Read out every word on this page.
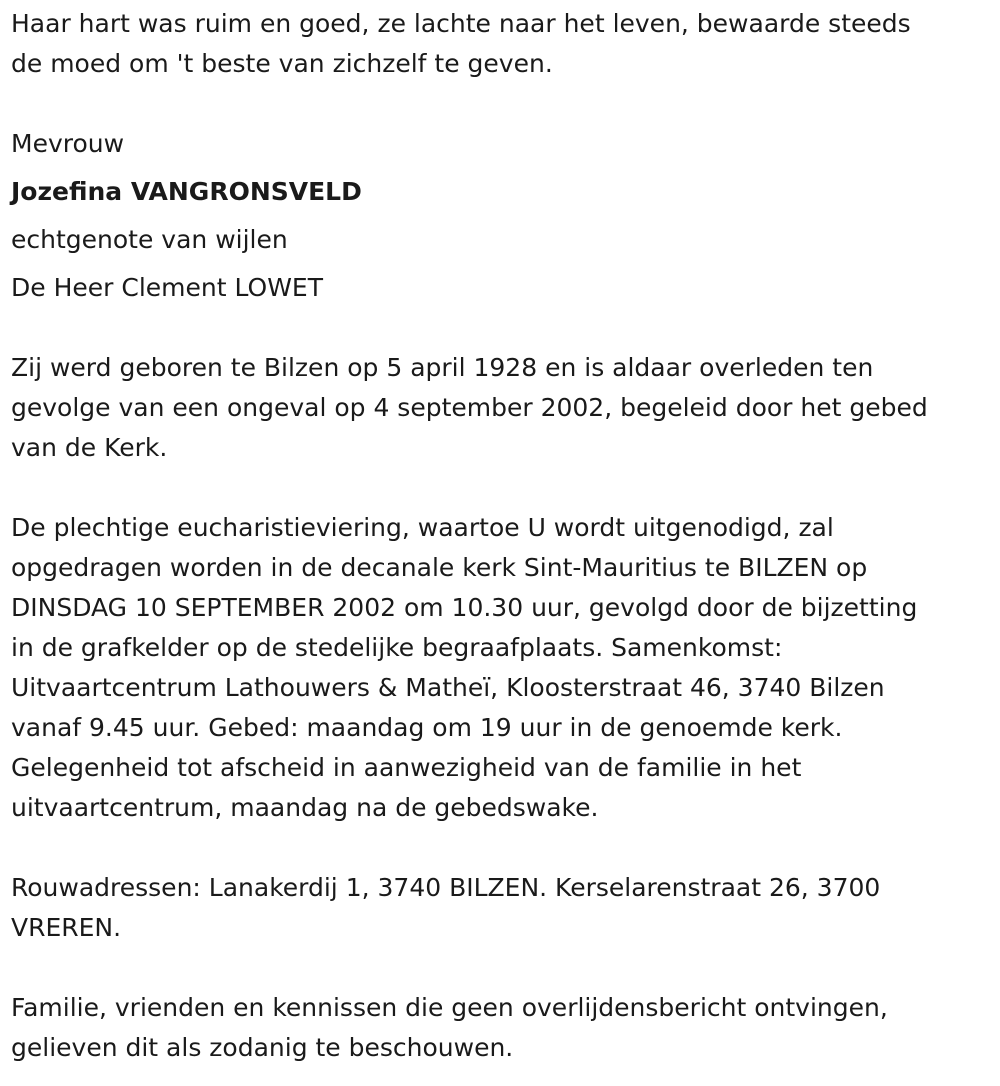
Haar hart was ruim en goed, ze lachte naar het leven, bewaarde steeds
de moed om 't beste van zichzelf te geven.

Mevrouw
Jozefina VANGRONSVELD
echtgenote van wijlen
De Heer Clement LOWET

Zij werd geboren te Bilzen op 5 april 1928 en is aldaar overleden ten
gevolge van een ongeval op 4 september 2002, begeleid door het gebed
van de Kerk.

De plechtige eucharistieviering, waartoe U wordt uitgenodigd, zal
opgedragen worden in de decanale kerk Sint-Mauritius te BILZEN op
DINSDAG 10 SEPTEMBER 2002 om 10.30 uur, gevolgd door de bijzetting
in de grafkelder op de stedelijke begraafplaats. Samenkomst:
Uitvaartcentrum Lathouwers & Matheï, Kloosterstraat 46, 3740 Bilzen
vanaf 9.45 uur. Gebed: maandag om 19 uur in de genoemde kerk.
Gelegenheid tot afscheid in aanwezigheid van de familie in het
uitvaartcentrum, maandag na de gebedswake.

Rouwadressen: Lanakerdij 1, 3740 BILZEN. Kerselarenstraat 26, 3700
VREREN.

Familie, vrienden en kennissen die geen overlijdensbericht ontvingen,
gelieven dit als zodanig te beschouwen.
